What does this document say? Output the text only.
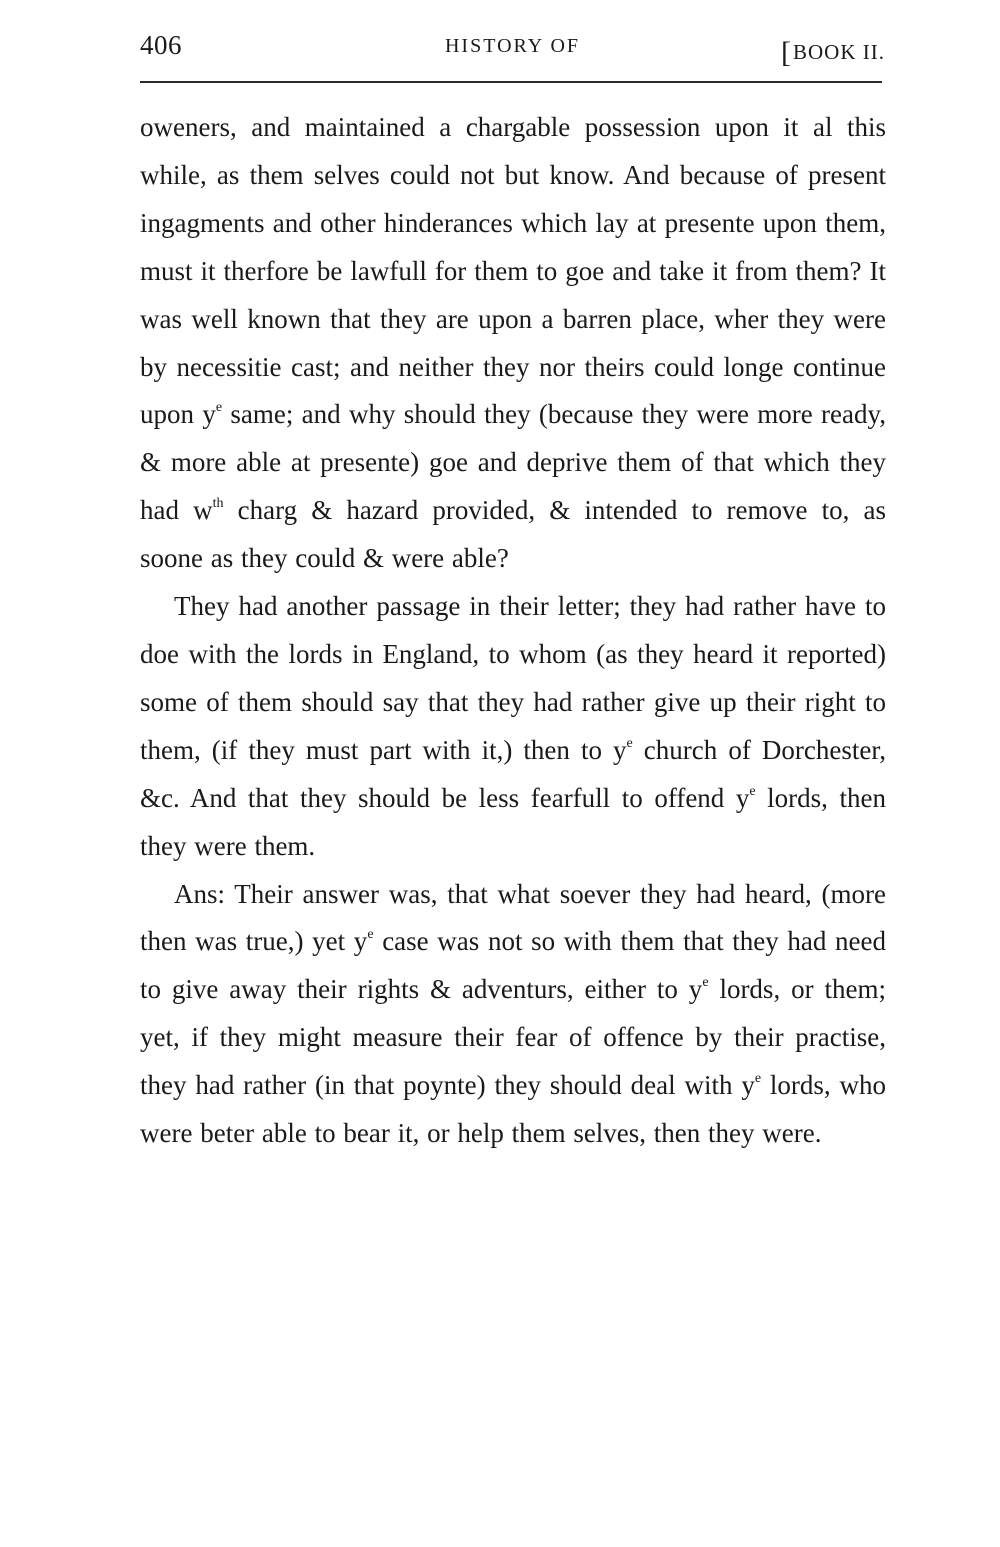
406	HISTORY OF	[BOOK II.

oweners, and maintained a chargable possession upon it al this while, as them selves could not but know. And because of present ingagments and other hinderances which lay at presente upon them, must it therfore be lawfull for them to goe and take it from them? It was well known that they are upon a barren place, wher they were by necessitie cast; and neither they nor theirs could longe continue upon $y^e$ same; and why should they (because they were more ready, & more able at presente) goe and deprive them of that which they had $w^{th}$ charg & hazard provided, & intended to remove to, as soone as they could & were able?

They had another passage in their letter; they had rather have to doe with the lords in England, to whom (as they heard it reported) some of them should say that they had rather give up their right to them, (if they must part with it,) then to $y^e$ church of Dorchester, &c. And that they should be less fearfull to offend $y^e$ lords, then they were them.

Ans: Their answer was, that what soever they had heard, (more then was true,) yet $y^e$ case was not so with them that they had need to give away their rights & adventurs, either to $y^e$ lords, or them; yet, if they might measure their fear of offence by their practise, they had rather (in that poynte) they should deal with $y^e$ lords, who were beter able to bear it, or help them selves, then they were.
